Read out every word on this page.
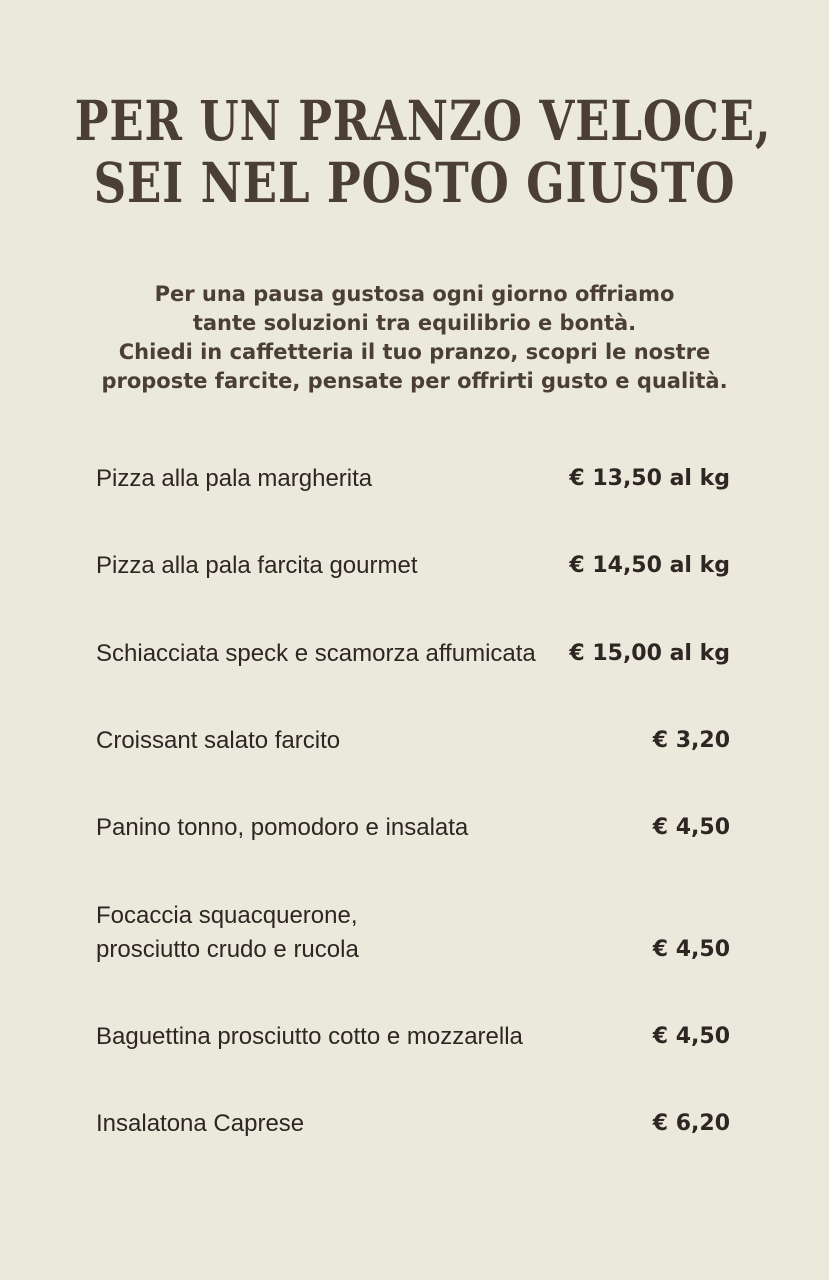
PER UN PRANZO VELOCE,
SEI NEL POSTO GIUSTO
Per una pausa gustosa ogni giorno offriamo
tante soluzioni tra equilibrio e bontà.
Chiedi in caffetteria il tuo pranzo, scopri le nostre
proposte farcite, pensate per offrirti gusto e qualità.
Pizza alla pala margherita	€ 13,50 al kg
Pizza alla pala farcita gourmet	€ 14,50 al kg
Schiacciata speck e scamorza affumicata € 15,00 al kg
Croissant salato farcito	€ 3,20
Panino tonno, pomodoro e insalata	€ 4,50
Focaccia squacquerone,
prosciutto crudo e rucola	€ 4,50
Baguettina prosciutto cotto e mozzarella	€ 4,50
Insalatona Caprese	€ 6,20
